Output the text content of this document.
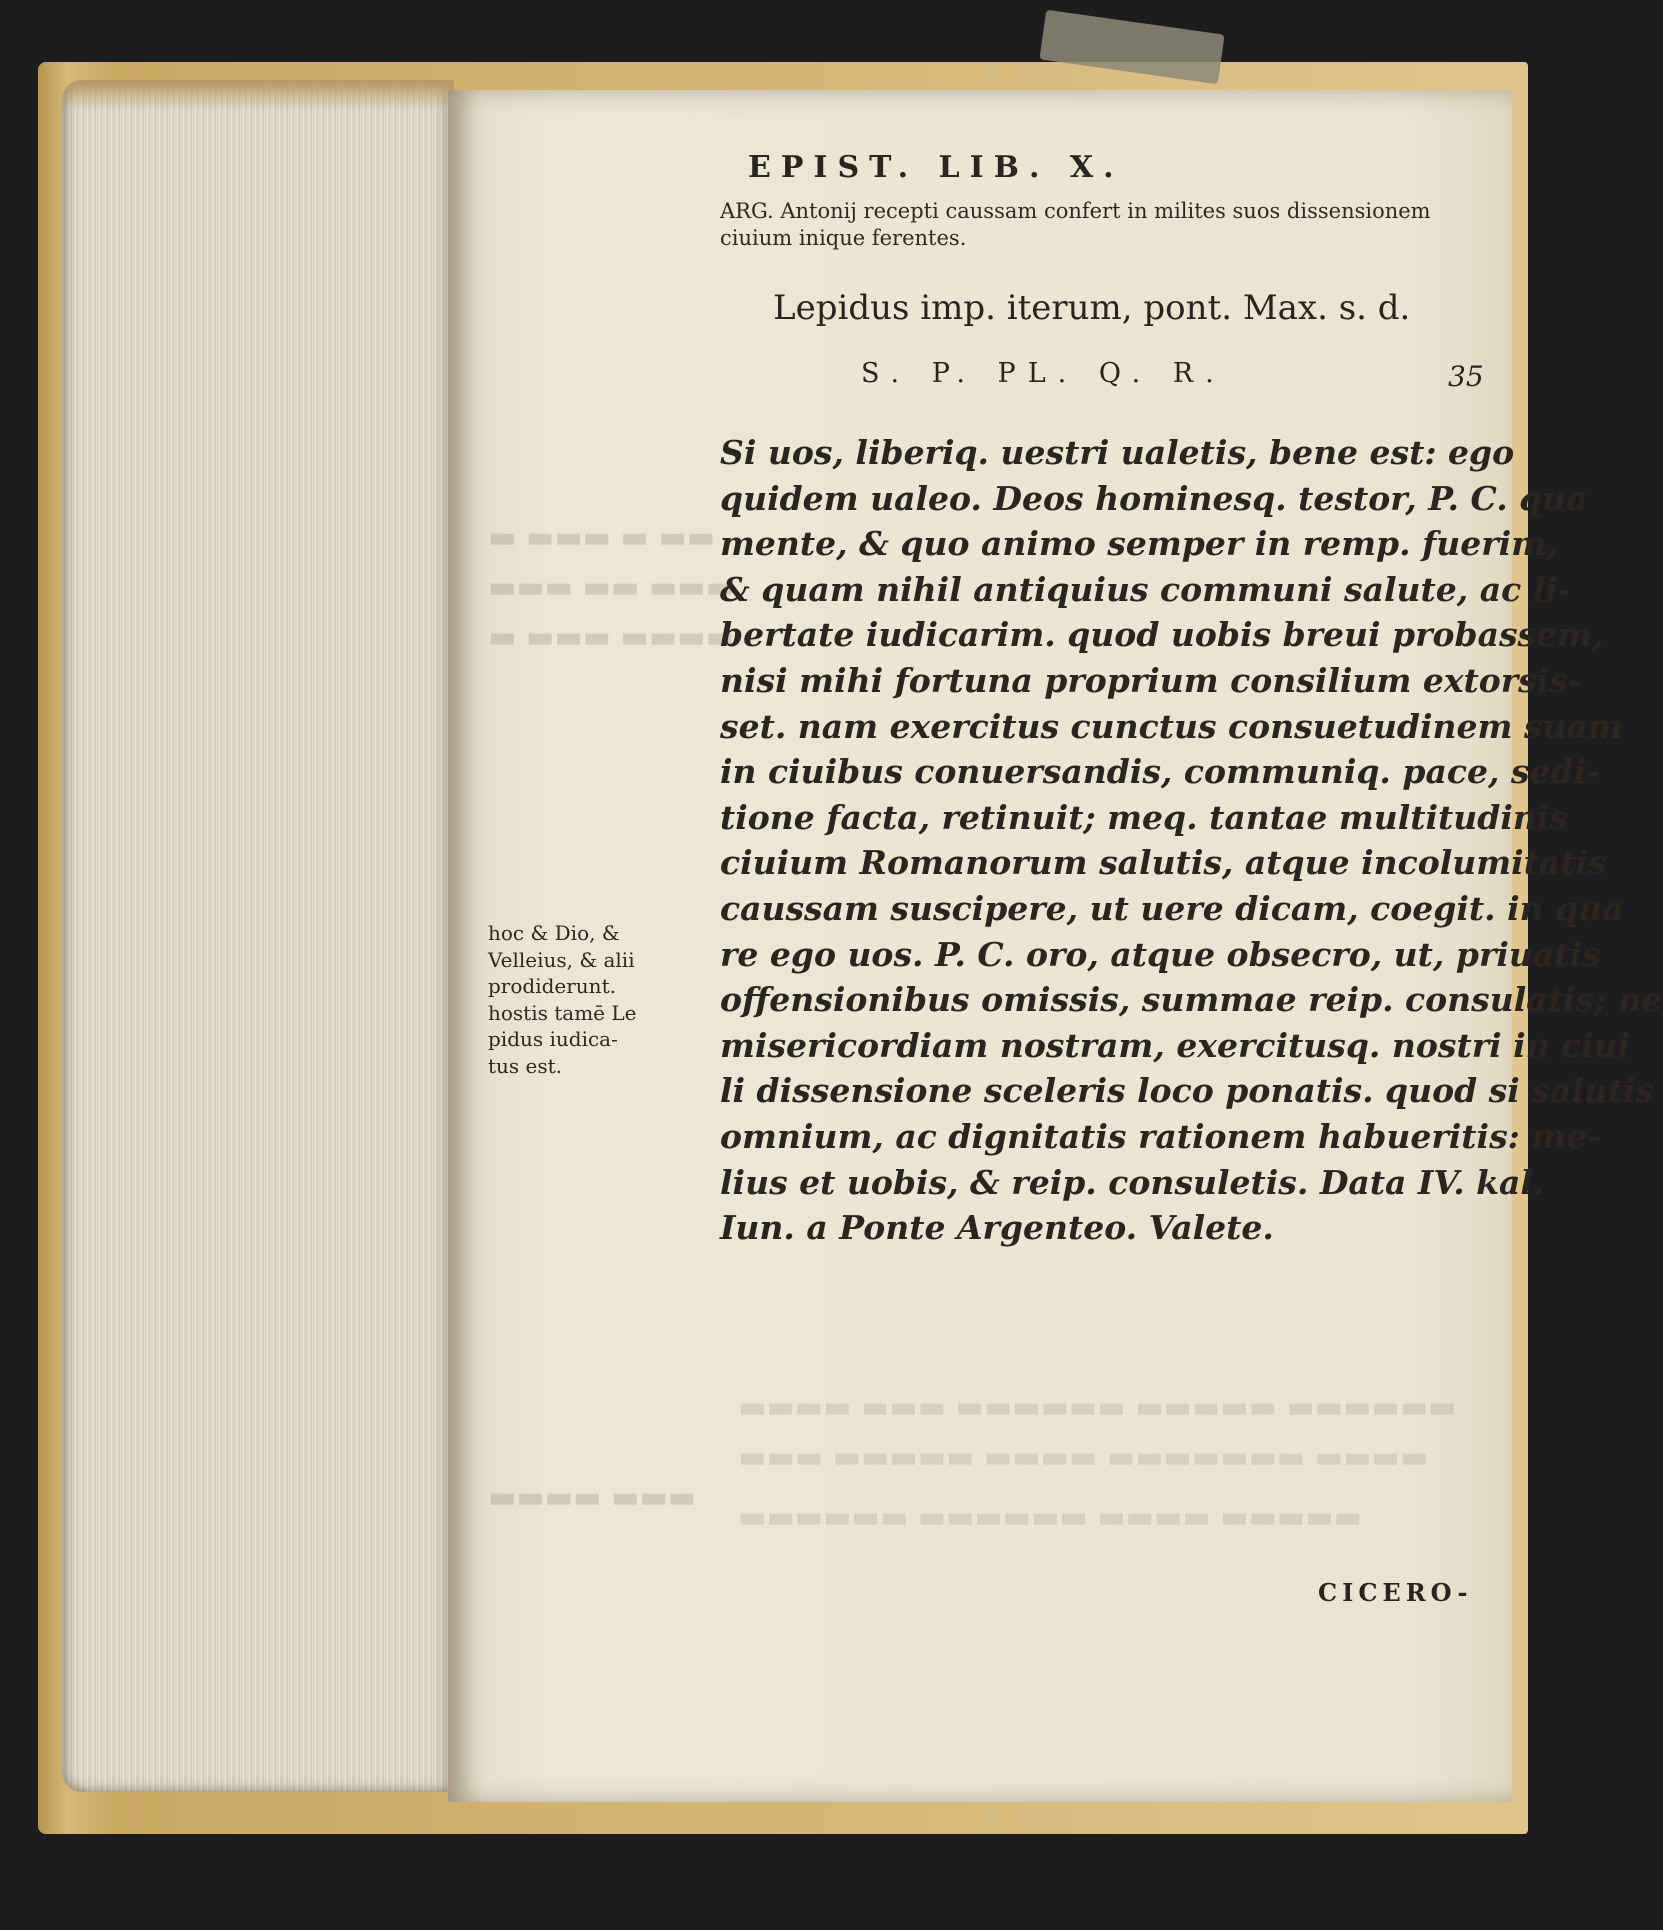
▬▬ ▬ ▬▬▬ ▬
▬▬▬ ▬▬ ▬▬▬
▬▬▬▬ ▬▬▬ ▬
▬▬▬ ▬▬▬▬
▬▬▬▬▬▬ ▬▬▬▬▬ ▬▬▬▬▬▬ ▬▬▬ ▬▬▬▬
▬▬▬▬ ▬▬▬▬▬▬▬ ▬▬▬▬ ▬▬▬▬▬ ▬▬▬
▬▬▬▬▬ ▬▬▬▬ ▬▬▬▬▬▬ ▬▬▬▬▬▬
EPIST. LIB. X.
ARG. Antonij recepti caussam confert in milites suos dissensionem ciuium inique ferentes.
Lepidus imp. iterum, pont. Max. s. d.
S. P. PL. Q. R.	35
Si uos, liberiq. uestri ualetis, bene est: ego
quidem ualeo. Deos hominesq. testor, P. C. qua
mente, & quo animo semper in remp. fuerim,
& quam nihil antiquius communi salute, ac li-
bertate iudicarim. quod uobis breui probassem,
nisi mihi fortuna proprium consilium extorsis-
set. nam exercitus cunctus consuetudinem suam
in ciuibus conuersandis, communiq. pace, sedi-
tione facta, retinuit; meq. tantae multitudinis
ciuium Romanorum salutis, atque incolumitatis
caussam suscipere, ut uere dicam, coegit. in qua
re ego uos. P. C. oro, atque obsecro, ut, priuatis
offensionibus omissis, summae reip. consulatis; ne
misericordiam nostram, exercitusq. nostri in ciui
li dissensione sceleris loco ponatis. quod si salutis
omnium, ac dignitatis rationem habueritis: me-
lius et uobis, & reip. consuletis. Data IV. kal.
Iun. a Ponte Argenteo. Valete.
hoc & Dio, &
Velleius, & alii
prodiderunt.
hostis tamē Le
pidus iudica-
tus est.
CICERO-
